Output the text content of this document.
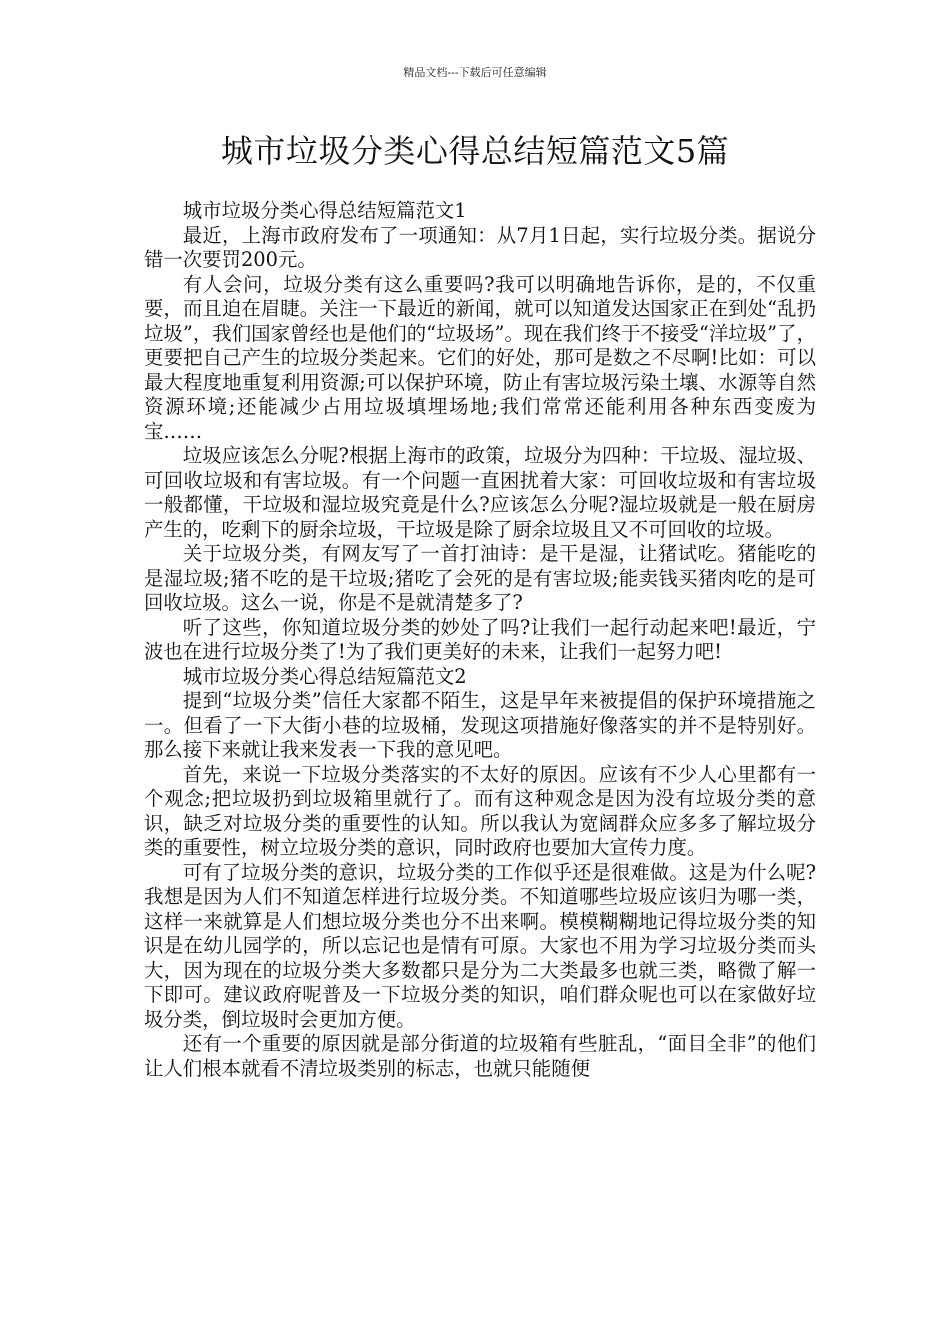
精品文档---下载后可任意编辑
城市垃圾分类心得总结短篇范文5篇

城市垃圾分类心得总结短篇范文1

最近，上海市政府发布了一项通知：从7月1日起，实行垃圾分类。据说分错一次要罚200元。

有人会问，垃圾分类有这么重要吗?我可以明确地告诉你，是的，不仅重要，而且迫在眉睫。关注一下最近的新闻，就可以知道发达国家正在到处“乱扔垃圾”，我们国家曾经也是他们的“垃圾场”。现在我们终于不接受“洋垃圾”了，更要把自己产生的垃圾分类起来。它们的好处，那可是数之不尽啊!比如：可以最大程度地重复利用资源;可以保护环境，防止有害垃圾污染土壤、水源等自然资源环境;还能减少占用垃圾填埋场地;我们常常还能利用各种东西变废为宝……

垃圾应该怎么分呢?根据上海市的政策，垃圾分为四种：干垃圾、湿垃圾、可回收垃圾和有害垃圾。有一个问题一直困扰着大家：可回收垃圾和有害垃圾一般都懂，干垃圾和湿垃圾究竟是什么?应该怎么分呢?湿垃圾就是一般在厨房产生的，吃剩下的厨余垃圾，干垃圾是除了厨余垃圾且又不可回收的垃圾。

关于垃圾分类，有网友写了一首打油诗：是干是湿，让猪试吃。猪能吃的是湿垃圾;猪不吃的是干垃圾;猪吃了会死的是有害垃圾;能卖钱买猪肉吃的是可回收垃圾。这么一说，你是不是就清楚多了?

听了这些，你知道垃圾分类的妙处了吗?让我们一起行动起来吧!最近，宁波也在进行垃圾分类了!为了我们更美好的未来，让我们一起努力吧!

城市垃圾分类心得总结短篇范文2

提到“垃圾分类”信任大家都不陌生，这是早年来被提倡的保护环境措施之一。但看了一下大街小巷的垃圾桶，发现这项措施好像落实的并不是特别好。那么接下来就让我来发表一下我的意见吧。

首先，来说一下垃圾分类落实的不太好的原因。应该有不少人心里都有一个观念;把垃圾扔到垃圾箱里就行了。而有这种观念是因为没有垃圾分类的意识，缺乏对垃圾分类的重要性的认知。所以我认为宽阔群众应多多了解垃圾分类的重要性，树立垃圾分类的意识，同时政府也要加大宣传力度。

可有了垃圾分类的意识，垃圾分类的工作似乎还是很难做。这是为什么呢?我想是因为人们不知道怎样进行垃圾分类。不知道哪些垃圾应该归为哪一类，这样一来就算是人们想垃圾分类也分不出来啊。模模糊糊地记得垃圾分类的知识是在幼儿园学的，所以忘记也是情有可原。大家也不用为学习垃圾分类而头大，因为现在的垃圾分类大多数都只是分为二大类最多也就三类，略微了解一下即可。建议政府呢普及一下垃圾分类的知识，咱们群众呢也可以在家做好垃圾分类，倒垃圾时会更加方便。

还有一个重要的原因就是部分街道的垃圾箱有些脏乱，“面目全非”的他们让人们根本就看不清垃圾类别的标志，也就只能随便
